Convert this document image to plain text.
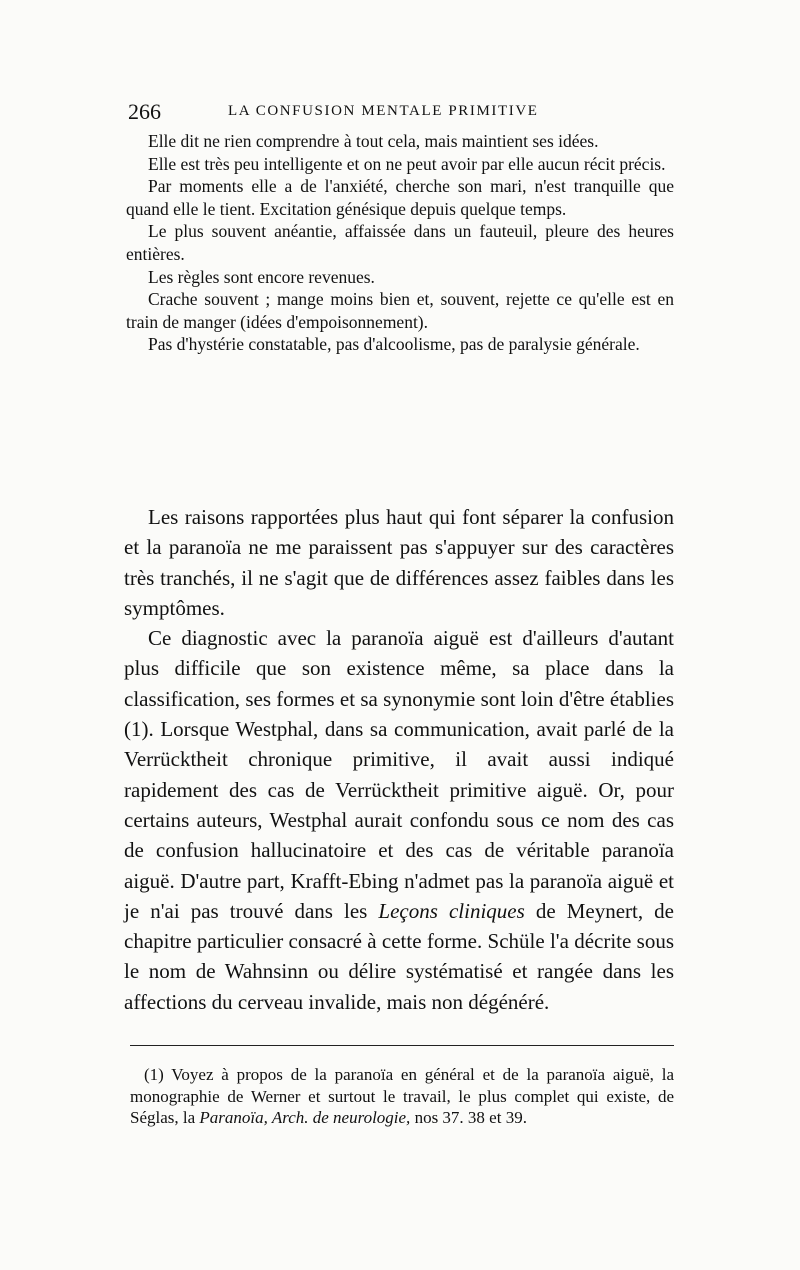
266	LA CONFUSION MENTALE PRIMITIVE

Elle dit ne rien comprendre à tout cela, mais maintient ses idées.

Elle est très peu intelligente et on ne peut avoir par elle aucun récit précis.

Par moments elle a de l'anxiété, cherche son mari, n'est tranquille que quand elle le tient. Excitation génésique depuis quelque temps.

Le plus souvent anéantie, affaissée dans un fauteuil, pleure des heures entières.

Les règles sont encore revenues.

Crache souvent ; mange moins bien et, souvent, rejette ce qu'elle est en train de manger (idées d'empoisonnement).

Pas d'hystérie constatable, pas d'alcoolisme, pas de paralysie générale.

Les raisons rapportées plus haut qui font séparer la confusion et la paranoïa ne me paraissent pas s'appuyer sur des caractères très tranchés, il ne s'agit que de différences assez faibles dans les symptômes.

Ce diagnostic avec la paranoïa aiguë est d'ailleurs d'autant plus difficile que son existence même, sa place dans la classification, ses formes et sa synonymie sont loin d'être établies (1). Lorsque Westphal, dans sa communication, avait parlé de la Verrücktheit chronique primitive, il avait aussi indiqué rapidement des cas de Verrücktheit primitive aiguë. Or, pour certains auteurs, Westphal aurait confondu sous ce nom des cas de confusion hallucinatoire et des cas de véritable paranoïa aiguë. D'autre part, Krafft-Ebing n'admet pas la paranoïa aiguë et je n'ai pas trouvé dans les Leçons cliniques de Meynert, de chapitre particulier consacré à cette forme. Schüle l'a décrite sous le nom de Wahnsinn ou délire systématisé et rangée dans les affections du cerveau invalide, mais non dégénéré.

(1) Voyez à propos de la paranoïa en général et de la paranoïa aiguë, la monographie de Werner et surtout le travail, le plus complet qui existe, de Séglas, la Paranoïa, Arch. de neurologie, nos 37. 38 et 39.
